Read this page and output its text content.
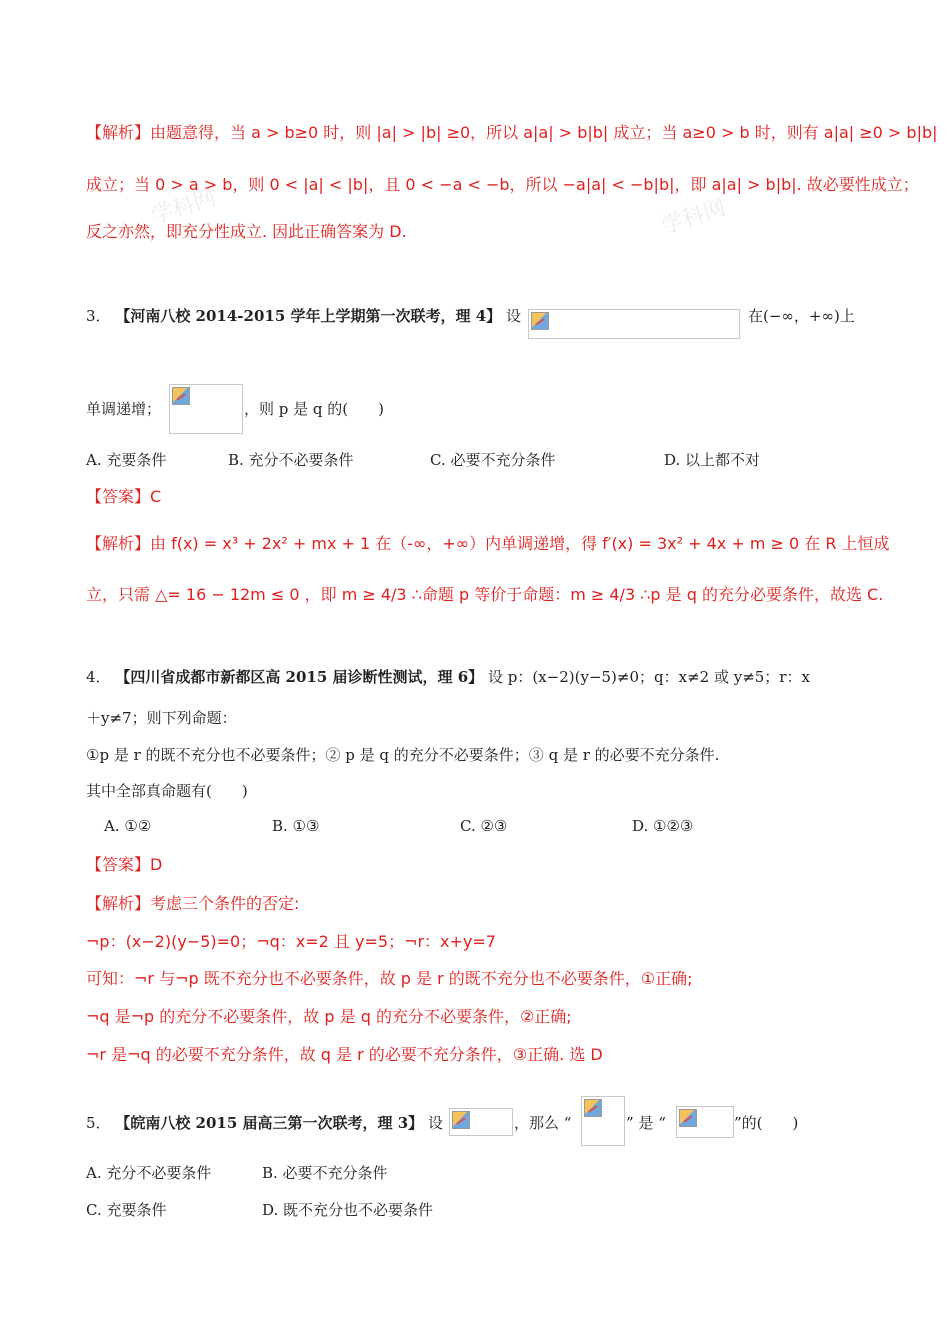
学科网	学科网
【解析】由题意得，当 a > b≥0 时，则 |a| > |b| ≥0，所以 a|a| > b|b| 成立；当 a≥0 > b 时，则有 a|a| ≥0 > b|b|
成立；当 0 > a > b，则 0 < |a| < |b|，且 0 < −a < −b，所以 −a|a| < −b|b|，即 a|a| > b|b|. 故必要性成立；
反之亦然，即充分性成立. 因此正确答案为 D.
3． 【河南八校 2014-2015 学年上学期第一次联考，理 4】 设	在(−∞，+∞)上
单调递增；	，则 p 是 q 的(　　)
A. 充要条件	B. 充分不必要条件	C. 必要不充分条件	D. 以上都不对
【答案】C
【解析】由 f(x) = x³ + 2x² + mx + 1 在（-∞，+∞）内单调递增，得 f′(x) = 3x² + 4x + m ≥ 0 在 R 上恒成
立，只需 △= 16 − 12m ≤ 0 ，即 m ≥ 4/3 ∴命题 p 等价于命题：m ≥ 4/3 ∴p 是 q 的充分必要条件，故选 C.
4． 【四川省成都市新都区高 2015 届诊断性测试，理 6】 设 p：(x−2)(y−5)≠0；q：x≠2 或 y≠5；r：x
＋y≠7；则下列命题：
①p 是 r 的既不充分也不必要条件；② p 是 q 的充分不必要条件；③ q 是 r 的必要不充分条件.
其中全部真命题有(　　)
A. ①②	B. ①③	C. ②③	D. ①②③
【答案】D
【解析】考虑三个条件的否定:
¬p：(x−2)(y−5)=0；¬q：x=2 且 y=5；¬r：x+y=7
可知：¬r 与¬p 既不充分也不必要条件，故 p 是 r 的既不充分也不必要条件，①正确;
¬q 是¬p 的充分不必要条件，故 p 是 q 的充分不必要条件，②正确;
¬r 是¬q 的必要不充分条件，故 q 是 r 的必要不充分条件，③正确. 选 D
5． 【皖南八校 2015 届高三第一次联考，理 3】 设	，那么 “	” 是 “	”的(　　)
A. 充分不必要条件	B. 必要不充分条件
C. 充要条件	D. 既不充分也不必要条件
